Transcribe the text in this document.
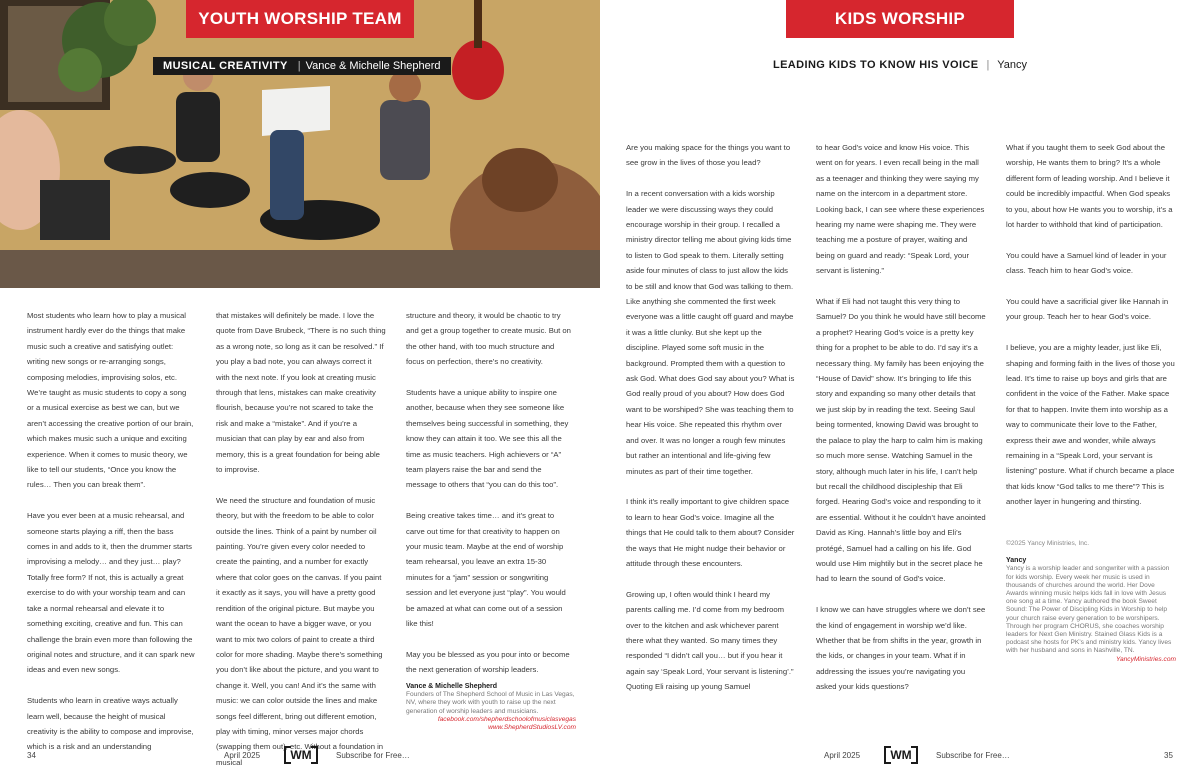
YOUTH WORSHIP TEAM
MUSICAL CREATIVITY | Vance & Michelle Shepherd
KIDS WORSHIP
LEADING KIDS TO KNOW HIS VOICE | Yancy

Most students who learn how to play a musical instrument hardly ever do the things that make music such a creative and satisfying outlet: writing new songs or re-arranging songs, composing melodies, improvising solos, etc. We’re taught as music students to copy a song or a musical exercise as best we can, but we aren’t accessing the creative portion of our brain, which makes music such a unique and exciting experience. When it comes to music theory, we like to tell our students, “Once you know the rules… Then you can break them”.

Have you ever been at a music rehearsal, and someone starts playing a riff, then the bass comes in and adds to it, then the drummer starts improvising a melody… and they just… play? Totally free form? If not, this is actually a great exercise to do with your worship team and can take a normal rehearsal and elevate it to something exciting, creative and fun. This can challenge the brain even more than following the original notes and structure, and it can spark new ideas and even new songs.

Students who learn in creative ways actually learn well, because the height of musical creativity is the ability to compose and improvise, which is a risk and an understanding

that mistakes will definitely be made. I love the quote from Dave Brubeck, “There is no such thing as a wrong note, so long as it can be resolved.” If you play a bad note, you can always correct it with the next note. If you look at creating music through that lens, mistakes can make creativity flourish, because you’re not scared to take the risk and make a “mistake”. And if you’re a musician that can play by ear and also from memory, this is a great foundation for being able to improvise.

We need the structure and foundation of music theory, but with the freedom to be able to color outside the lines. Think of a paint by number oil painting. You’re given every color needed to create the painting, and a number for exactly where that color goes on the canvas. If you paint it exactly as it says, you will have a pretty good rendition of the original picture. But maybe you want the ocean to have a bigger wave, or you want to mix two colors of paint to create a third color for more shading. Maybe there’s something you don’t like about the picture, and you want to change it. Well, you can! And it’s the same with music: we can color outside the lines and make songs feel different, bring out different emotion, play with timing, minor verses major chords (swapping them out), etc. Without a foundation in musical

structure and theory, it would be chaotic to try and get a group together to create music. But on the other hand, with too much structure and focus on perfection, there’s no creativity.

Students have a unique ability to inspire one another, because when they see someone like themselves being successful in something, they know they can attain it too. We see this all the time as music teachers. High achievers or “A” team players raise the bar and send the message to others that “you can do this too”.

Being creative takes time… and it’s great to carve out time for that creativity to happen on your music team. Maybe at the end of worship team rehearsal, you leave an extra 15-30 minutes for a “jam” session or songwriting session and let everyone just “play”. You would be amazed at what can come out of a session like this!

May you be blessed as you pour into or become the next generation of worship leaders.

Vance & Michelle Shepherd
Founders of The Shepherd School of Music in Las Vegas, NV, where they work with youth to raise up the next generation of worship leaders and musicians.
facebook.com/shepherdschoolofmusiclasvegas
www.ShepherdStudiosLV.com

Are you making space for the things you want to see grow in the lives of those you lead?

In a recent conversation with a kids worship leader we were discussing ways they could encourage worship in their group. I recalled a ministry director telling me about giving kids time to listen to God speak to them. Literally setting aside four minutes of class to just allow the kids to be still and know that God was talking to them. Like anything she commented the first week everyone was a little caught off guard and maybe it was a little clunky. But she kept up the discipline. Played some soft music in the background. Prompted them with a question to ask God. What does God say about you? What is God really proud of you about? How does God want to be worshiped? She was teaching them to hear His voice. She repeated this rhythm over and over. It was no longer a rough few minutes but rather an intentional and life-giving few minutes as part of their time together.

I think it’s really important to give children space to learn to hear God’s voice. Imagine all the things that He could talk to them about? Consider the ways that He might nudge their behavior or attitude through these encounters.

Growing up, I often would think I heard my parents calling me. I’d come from my bedroom over to the kitchen and ask whichever parent there what they wanted. So many times they responded “I didn’t call you… but if you hear it again say ‘Speak Lord, Your servant is listening’.” Quoting Eli raising up young Samuel

to hear God’s voice and know His voice. This went on for years. I even recall being in the mall as a teenager and thinking they were saying my name on the intercom in a department store. Looking back, I can see where these experiences hearing my name were shaping me. They were teaching me a posture of prayer, waiting and being on guard and ready: “Speak Lord, your servant is listening.”

What if Eli had not taught this very thing to Samuel? Do you think he would have still become a prophet? Hearing God’s voice is a pretty key thing for a prophet to be able to do. I’d say it’s a necessary thing. My family has been enjoying the “House of David” show. It’s bringing to life this story and expanding so many other details that we just skip by in reading the text. Seeing Saul being tormented, knowing David was brought to the palace to play the harp to calm him is making so much more sense. Watching Samuel in the story, although much later in his life, I can’t help but recall the childhood discipleship that Eli forged. Hearing God’s voice and responding to it are essential. Without it he couldn’t have anointed David as King. Hannah’s little boy and Eli’s protégé, Samuel had a calling on his life. God would use Him mightily but in the secret place he had to learn the sound of God’s voice.

I know we can have struggles where we don’t see the kind of engagement in worship we’d like. Whether that be from shifts in the year, growth in the kids, or changes in your team. What if in addressing the issues you’re navigating you asked your kids questions?

What if you taught them to seek God about the worship, He wants them to bring? It’s a whole different form of leading worship. And I believe it could be incredibly impactful. When God speaks to you, about how He wants you to worship, it’s a lot harder to withhold that kind of participation.

You could have a Samuel kind of leader in your class. Teach him to hear God’s voice.

You could have a sacrificial giver like Hannah in your group. Teach her to hear God’s voice.

I believe, you are a mighty leader, just like Eli, shaping and forming faith in the lives of those you lead. It’s time to raise up boys and girls that are confident in the voice of the Father. Make space for that to happen. Invite them into worship as a way to communicate their love to the Father, express their awe and wonder, while always remaining in a “Speak Lord, your servant is listening” posture. What if church became a place that kids know “God talks to me there”? This is another layer in hungering and thirsting.

©2025 Yancy Ministries, Inc.
Yancy
Yancy is a worship leader and songwriter with a passion for kids worship. Every week her music is used in thousands of churches around the world. Her Dove Awards winning music helps kids fall in love with Jesus one song at a time. Yancy authored the book Sweet Sound: The Power of Discipling Kids in Worship to help your church raise every generation to be worshipers. Through her program CHORUS, she coaches worship leaders for Next Gen Ministry. Stained Glass Kids is a podcast she hosts for PK’s and ministry kids. Yancy lives with her husband and sons in Nashville, TN.
YancyMinistries.com
34	April 2025	WM	Subscribe for Free…	April 2025	WM	Subscribe for Free…	35
